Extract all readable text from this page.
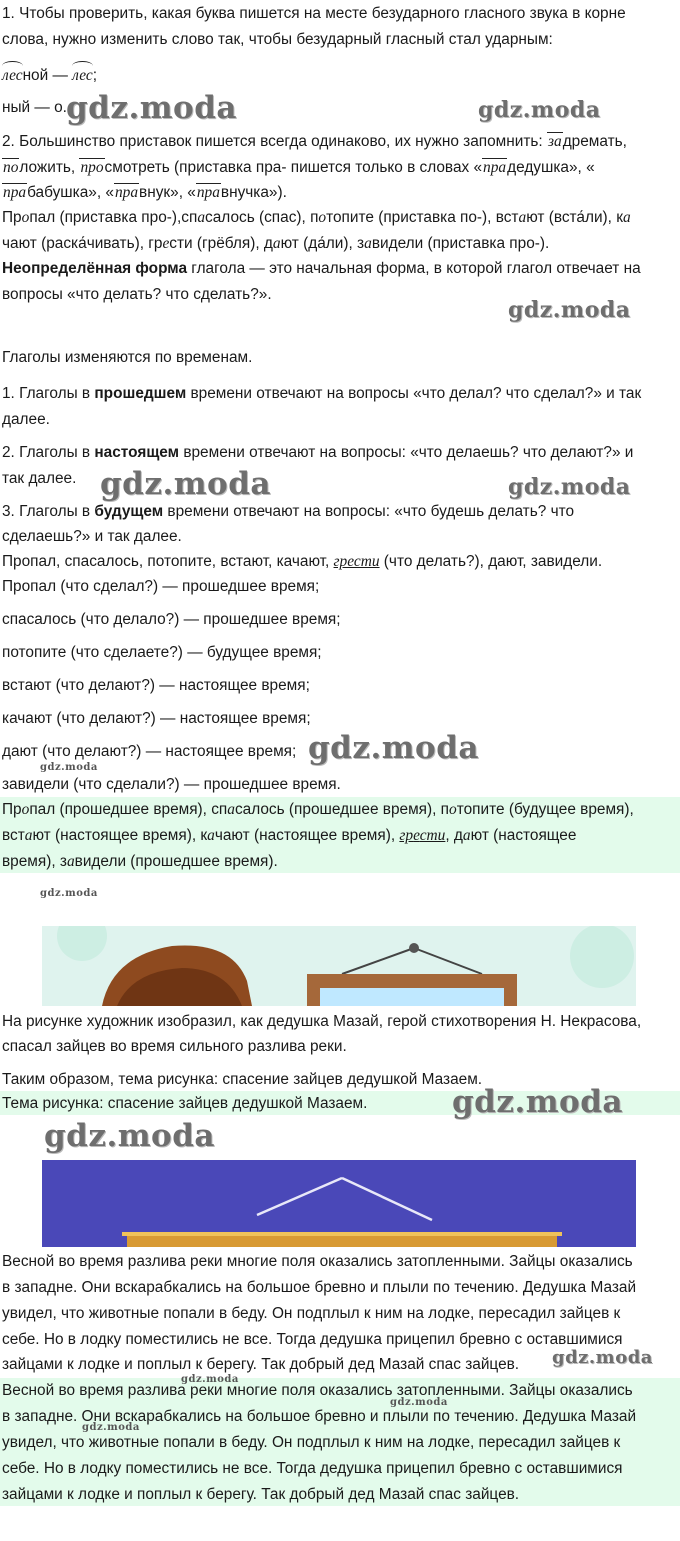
1. Чтобы проверить, какая буква пишется на месте безударного гласного звука в корне
слова, нужно изменить слово так, чтобы безударный гласный стал ударным:
лесной — лес;
ный — о.
2. Большинство приставок пишется всегда одинаково, их нужно запомнить: задремать,
положить, просмотреть (приставка пра- пишется только в словах «прадедушка», «
прабабушка», «правнук», «правнучка»).
Пропал (приставка про-),спасалось (спас), потопите (приставка по-), встают (вста́ли), ка
чают (раска́чивать), грести (грёбля), дают (да́ли), завидели (приставка про-).
Неопределённая форма глагола — это начальная форма, в которой глагол отвечает на
вопросы «что делать? что сделать?».
Глаголы изменяются по временам.
1. Глаголы в прошедшем времени отвечают на вопросы «что делал? что сделал?» и так
далее.
2. Глаголы в настоящем времени отвечают на вопросы: «что делаешь? что делают?» и
так далее.
3. Глаголы в будущем времени отвечают на вопросы: «что будешь делать? что
сделаешь?» и так далее.
Пропал, спасалось, потопите, встают, качают, грести (что делать?), дают, завидели.
Пропал (что сделал?) — прошедшее время;
спасалось (что делало?) — прошедшее время;
потопите (что сделаете?) — будущее время;
встают (что делают?) — настоящее время;
качают (что делают?) — настоящее время;
дают (что делают?) — настоящее время;
завидели (что сделали?) — прошедшее время.
Пропал (прошедшее время), спасалось (прошедшее время), потопите (будущее время),
встают (настоящее время), качают (настоящее время), грести, дают (настоящее
время), завидели (прошедшее время).
На рисунке художник изобразил, как дедушка Мазай, герой стихотворения Н. Некрасова,
спасал зайцев во время сильного разлива реки.
Таким образом, тема рисунка: спасение зайцев дедушкой Мазаем.
Тема рисунка: спасение зайцев дедушкой Мазаем.
Весной во время разлива реки многие поля оказались затопленными. Зайцы оказались
в западне. Они вскарабкались на большое бревно и плыли по течению. Дедушка Мазай
увидел, что животные попали в беду. Он подплыл к ним на лодке, пересадил зайцев к
себе. Но в лодку поместились не все. Тогда дедушка прицепил бревно с оставшимися
зайцами к лодке и поплыл к берегу. Так добрый дед Мазай спас зайцев.
Весной во время разлива реки многие поля оказались затопленными. Зайцы оказались
в западне. Они вскарабкались на большое бревно и плыли по течению. Дедушка Мазай
увидел, что животные попали в беду. Он подплыл к ним на лодке, пересадил зайцев к
себе. Но в лодку поместились не все. Тогда дедушка прицепил бревно с оставшимися
зайцами к лодке и поплыл к берегу. Так добрый дед Мазай спас зайцев.
gdz.moda	gdz.moda
gdz.moda
gdz.moda	gdz.moda
gdz.moda
gdz.moda
gdz.moda
gdz.moda
gdz.moda
gdz.moda
gdz.moda
gdz.moda
gdz.moda
